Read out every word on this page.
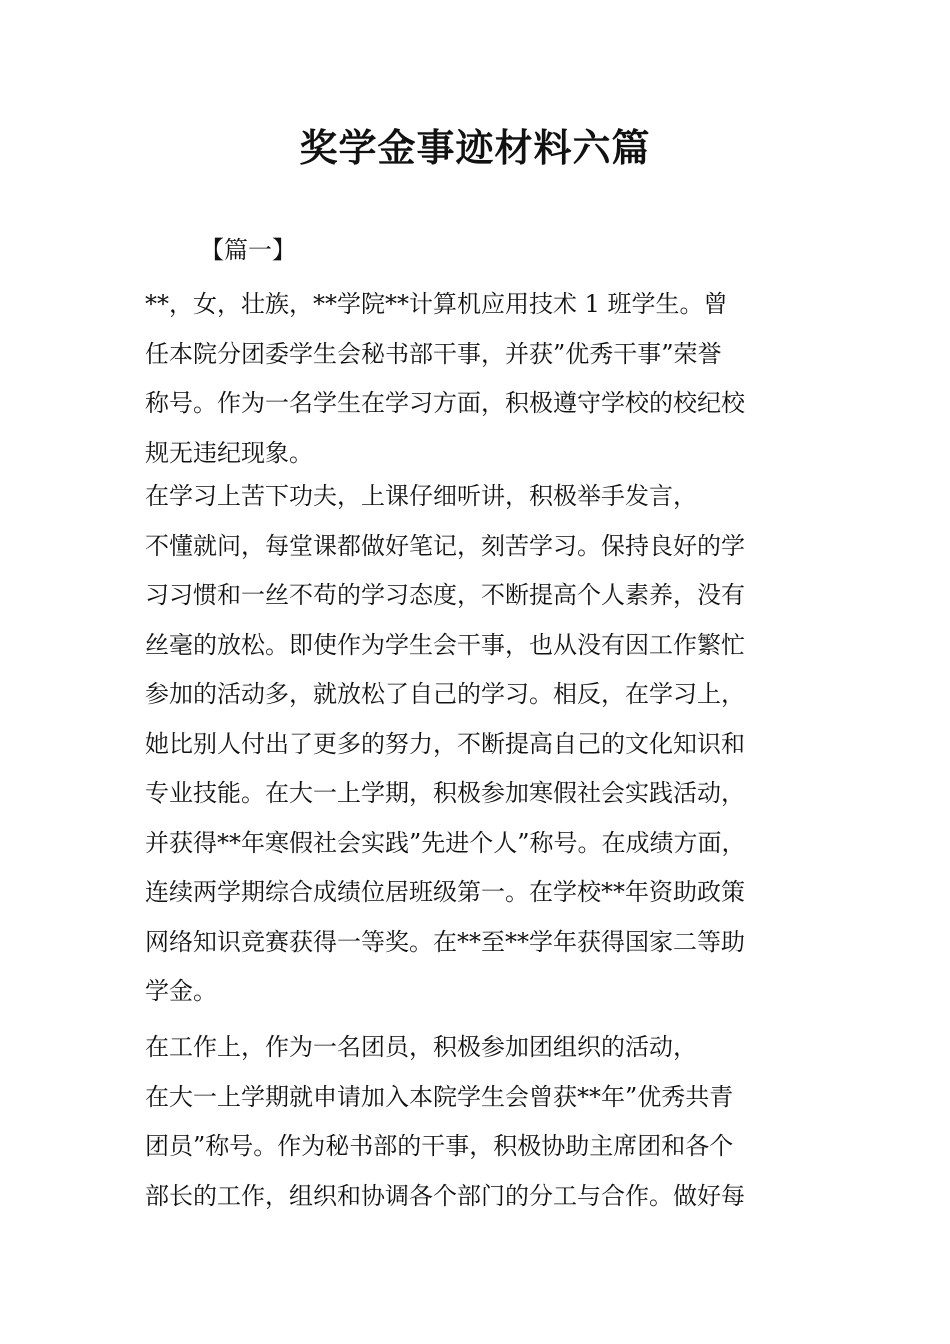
奖学金事迹材料六篇
【篇一】
**，女，壮族，**学院**计算机应用技术 1 班学生。曾
任本院分团委学生会秘书部干事，并获”优秀干事”荣誉
称号。作为一名学生在学习方面，积极遵守学校的校纪校
规无违纪现象。
在学习上苦下功夫，上课仔细听讲，积极举手发言，
不懂就问，每堂课都做好笔记，刻苦学习。保持良好的学
习习惯和一丝不苟的学习态度，不断提高个人素养，没有
丝毫的放松。即使作为学生会干事，也从没有因工作繁忙
参加的活动多，就放松了自己的学习。相反，在学习上，
她比别人付出了更多的努力，不断提高自己的文化知识和
专业技能。在大一上学期，积极参加寒假社会实践活动，
并获得**年寒假社会实践”先进个人”称号。在成绩方面，
连续两学期综合成绩位居班级第一。在学校**年资助政策
网络知识竞赛获得一等奖。在**至**学年获得国家二等助
学金。
在工作上，作为一名团员，积极参加团组织的活动，
在大一上学期就申请加入本院学生会曾获**年”优秀共青
团员”称号。作为秘书部的干事，积极协助主席团和各个
部长的工作，组织和协调各个部门的分工与合作。做好每
